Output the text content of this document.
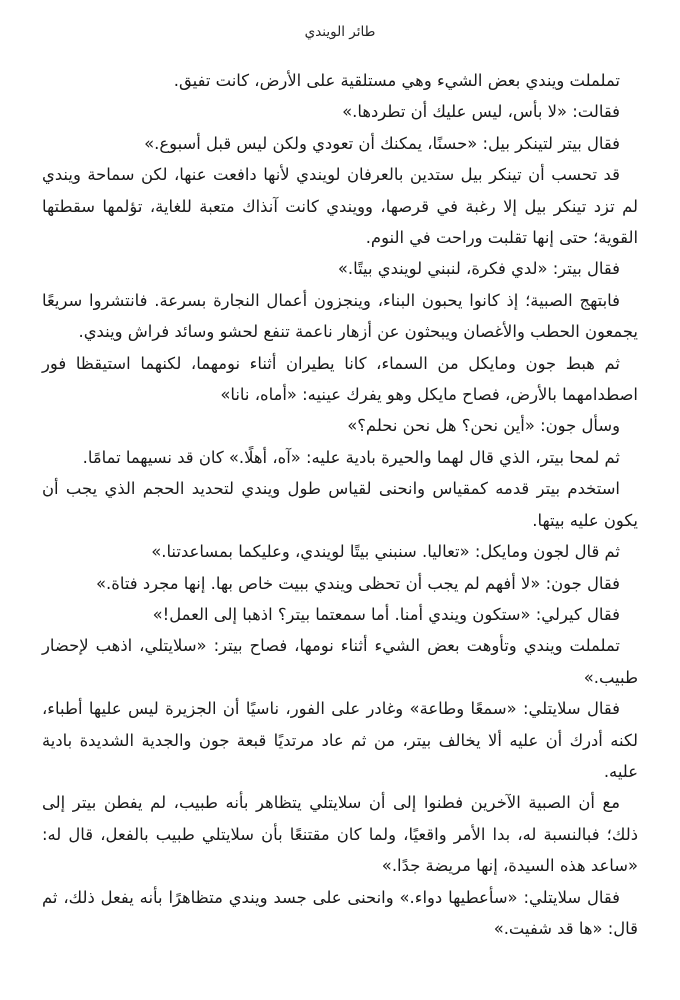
طائر الويندي

تململت ويندي بعض الشيء وهي مستلقية على الأرض، كانت تفيق.

فقالت: «لا بأس، ليس عليك أن تطردها.»

فقال بيتر لتينكر بيل: «حسنًا، يمكنك أن تعودي ولكن ليس قبل أسبوع.»

قد تحسب أن تينكر بيل ستدين بالعرفان لويندي لأنها دافعت عنها، لكن سماحة ويندي لم تزد تينكر بيل إلا رغبة في قرصها، وويندي كانت آنذاك متعبة للغاية، تؤلمها سقطتها القوية؛ حتى إنها تقلبت وراحت في النوم.

فقال بيتر: «لدي فكرة، لنبني لويندي بيتًا.»

فابتهج الصبية؛ إذ كانوا يحبون البناء، وينجزون أعمال النجارة بسرعة. فانتشروا سريعًا يجمعون الحطب والأغصان ويبحثون عن أزهار ناعمة تنفع لحشو وسائد فراش ويندي.

ثم هبط جون ومايكل من السماء، كانا يطيران أثناء نومهما، لكنهما استيقظا فور اصطدامهما بالأرض، فصاح مايكل وهو يفرك عينيه: «أماه، نانا»

وسأل جون: «أين نحن؟ هل نحن نحلم؟»

ثم لمحا بيتر، الذي قال لهما والحيرة بادية عليه: «آه، أهلًا.» كان قد نسيهما تمامًا.

استخدم بيتر قدمه كمقياس وانحنى لقياس طول ويندي لتحديد الحجم الذي يجب أن يكون عليه بيتها.

ثم قال لجون ومايكل: «تعاليا. سنبني بيتًا لويندي، وعليكما بمساعدتنا.»

فقال جون: «لا أفهم لم يجب أن تحظى ويندي ببيت خاص بها. إنها مجرد فتاة.»

فقال كيرلي: «ستكون ويندي أمنا. أما سمعتما بيتر؟ اذهبا إلى العمل!»

تململت ويندي وتأوهت بعض الشيء أثناء نومها، فصاح بيتر: «سلايتلي، اذهب لإحضار طبيب.»

فقال سلايتلي: «سمعًا وطاعة» وغادر على الفور، ناسيًا أن الجزيرة ليس عليها أطباء، لكنه أدرك أن عليه ألا يخالف بيتر، من ثم عاد مرتديًا قبعة جون والجدية الشديدة بادية عليه.

مع أن الصبية الآخرين فطنوا إلى أن سلايتلي يتظاهر بأنه طبيب، لم يفطن بيتر إلى ذلك؛ فبالنسبة له، بدا الأمر واقعيًا، ولما كان مقتنعًا بأن سلايتلي طبيب بالفعل، قال له: «ساعد هذه السيدة، إنها مريضة جدًا.»

فقال سلايتلي: «سأعطيها دواء.» وانحنى على جسد ويندي متظاهرًا بأنه يفعل ذلك، ثم قال: «ها قد شفيت.»
